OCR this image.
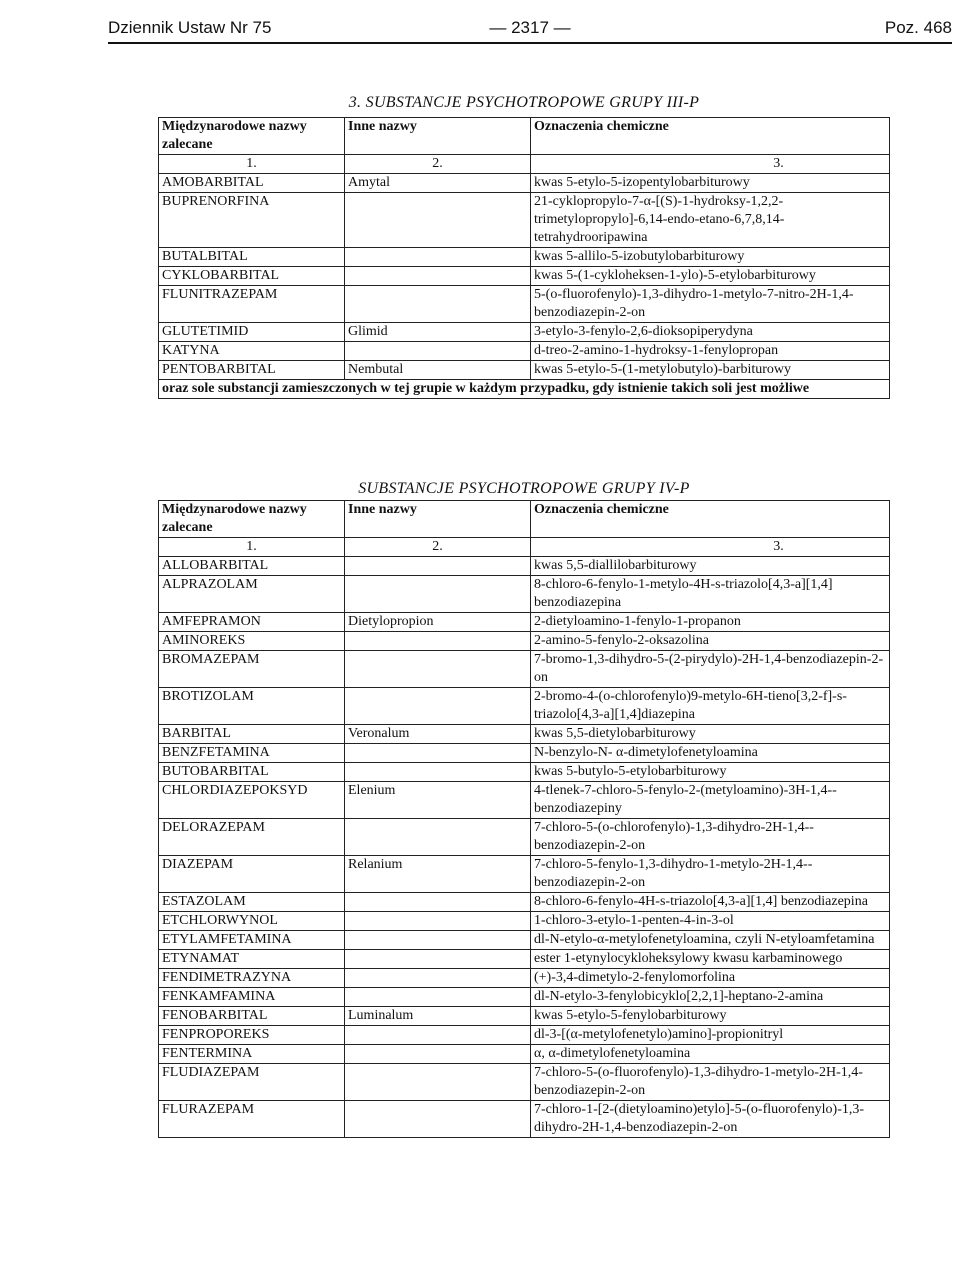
Dziennik Ustaw Nr 75	— 2317 —	Poz. 468
3. SUBSTANCJE PSYCHOTROPOWE GRUPY III-P
Międzynarodowe nazwy zalecane	Inne nazwy	Oznaczenia chemiczne
1.	2.	3.
AMOBARBITAL	Amytal	kwas 5-etylo-5-izopentylobarbiturowy
BUPRENORFINA		21-cyklopropylo-7-α-[(S)-1-hydroksy-1,2,2-trimetylopropylo]-6,14-endo-etano-6,7,8,14-tetrahydrooripawina
BUTALBITAL		kwas 5-allilo-5-izobutylobarbiturowy
CYKLOBARBITAL		kwas 5-(1-cykloheksen-1-ylo)-5-etylobarbiturowy
FLUNITRAZEPAM		5-(o-fluorofenylo)-1,3-dihydro-1-metylo-7-nitro-2H-1,4-benzodiazepin-2-on
GLUTETIMID	Glimid	3-etylo-3-fenylo-2,6-dioksopiperydyna
KATYNA		d-treo-2-amino-1-hydroksy-1-fenylopropan
PENTOBARBITAL	Nembutal	kwas 5-etylo-5-(1-metylobutylo)-barbiturowy
oraz sole substancji zamieszczonych w tej grupie w każdym przypadku, gdy istnienie takich soli jest możliwe		
SUBSTANCJE PSYCHOTROPOWE GRUPY IV-P
Międzynarodowe nazwy zalecane	Inne nazwy	Oznaczenia chemiczne
1.	2.	3.
ALLOBARBITAL		kwas 5,5-diallilobarbiturowy
ALPRAZOLAM		8-chloro-6-fenylo-1-metylo-4H-s-triazolo[4,3-a][1,4] benzodiazepina
AMFEPRAMON	Dietylopropion	2-dietyloamino-1-fenylo-1-propanon
AMINOREKS		2-amino-5-fenylo-2-oksazolina
BROMAZEPAM		7-bromo-1,3-dihydro-5-(2-pirydylo)-2H-1,4-benzodiazepin-2-on
BROTIZOLAM		2-bromo-4-(o-chlorofenylo)9-metylo-6H-tieno[3,2-f]-s-triazolo[4,3-a][1,4]diazepina
BARBITAL	Veronalum	kwas 5,5-dietylobarbiturowy
BENZFETAMINA		N-benzylo-N- α-dimetylofenetyloamina
BUTOBARBITAL		kwas 5-butylo-5-etylobarbiturowy
CHLORDIAZEPOKSYD	Elenium	4-tlenek-7-chloro-5-fenylo-2-(metyloamino)-3H-1,4--benzodiazepiny
DELORAZEPAM		7-chloro-5-(o-chlorofenylo)-1,3-dihydro-2H-1,4--benzodiazepin-2-on
DIAZEPAM	Relanium	7-chloro-5-fenylo-1,3-dihydro-1-metylo-2H-1,4--benzodiazepin-2-on
ESTAZOLAM		8-chloro-6-fenylo-4H-s-triazolo[4,3-a][1,4] benzodiazepina
ETCHLORWYNOL		1-chloro-3-etylo-1-penten-4-in-3-ol
ETYLAMFETAMINA		dl-N-etylo-α-metylofenetyloamina, czyli N-etyloamfetamina
ETYNAMAT		ester 1-etynylocykloheksylowy kwasu karbaminowego
FENDIMETRAZYNA		(+)-3,4-dimetylo-2-fenylomorfolina
FENKAMFAMINA		dl-N-etylo-3-fenylobicyklo[2,2,1]-heptano-2-amina
FENOBARBITAL	Luminalum	kwas 5-etylo-5-fenylobarbiturowy
FENPROPOREKS		dl-3-[(α-metylofenetylo)amino]-propionitryl
FENTERMINA		α, α-dimetylofenetyloamina
FLUDIAZEPAM		7-chloro-5-(o-fluorofenylo)-1,3-dihydro-1-metylo-2H-1,4-benzodiazepin-2-on
FLURAZEPAM		7-chloro-1-[2-(dietyloamino)etylo]-5-(o-fluorofenylo)-1,3-dihydro-2H-1,4-benzodiazepin-2-on
